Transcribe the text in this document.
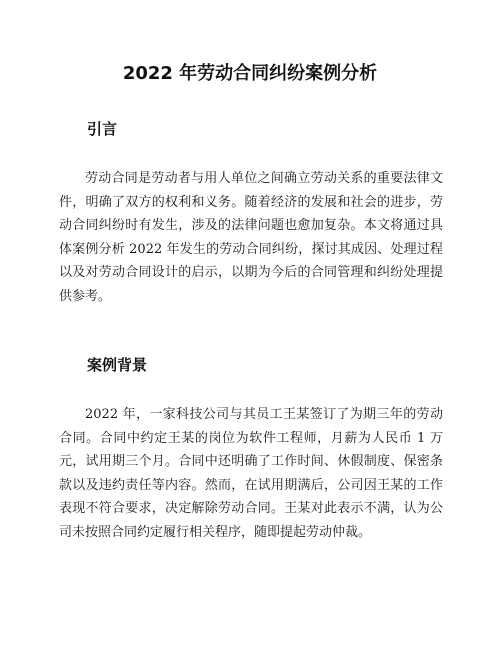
2022 年劳动合同纠纷案例分析
引言

劳动合同是劳动者与用人单位之间确立劳动关系的重要法律文件，明确了双方的权利和义务。随着经济的发展和社会的进步，劳动合同纠纷时有发生，涉及的法律问题也愈加复杂。本文将通过具体案例分析 2022 年发生的劳动合同纠纷，探讨其成因、处理过程以及对劳动合同设计的启示，以期为今后的合同管理和纠纷处理提供参考。

案例背景

2022 年，一家科技公司与其员工王某签订了为期三年的劳动合同。合同中约定王某的岗位为软件工程师，月薪为人民币 1 万元，试用期三个月。合同中还明确了工作时间、休假制度、保密条款以及违约责任等内容。然而，在试用期满后，公司因王某的工作表现不符合要求，决定解除劳动合同。王某对此表示不满，认为公司未按照合同约定履行相关程序，随即提起劳动仲裁。
